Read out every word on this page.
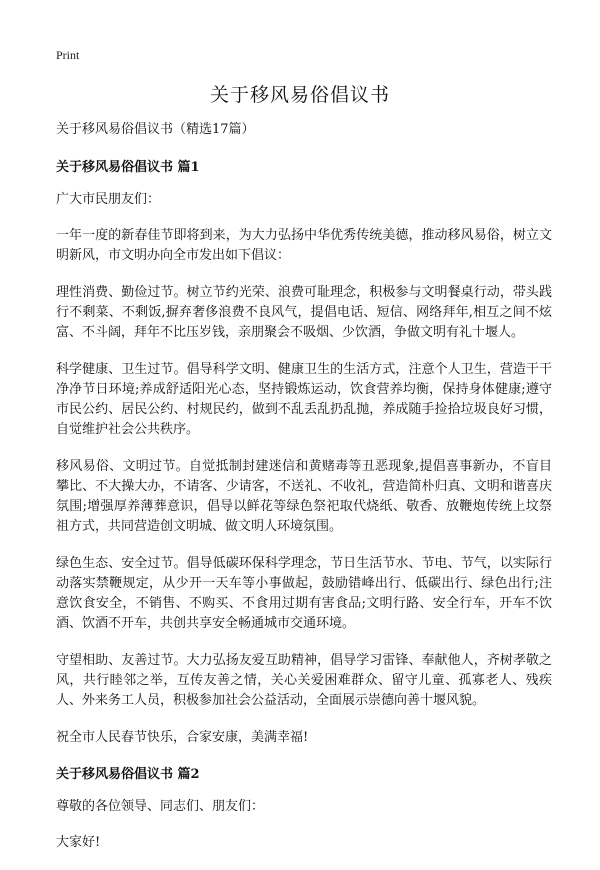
Print
关于移风易俗倡议书

关于移风易俗倡议书（精选17篇）

关于移风易俗倡议书 篇1

广大市民朋友们：

一年一度的新春佳节即将到来，为大力弘扬中华优秀传统美德，推动移风易俗，树立文明新风，市文明办向全市发出如下倡议：

理性消费、勤俭过节。树立节约光荣、浪费可耻理念，积极参与文明餐桌行动，带头践行不剩菜、不剩饭,摒弃奢侈浪费不良风气，提倡电话、短信、网络拜年,相互之间不炫富、不斗阔，拜年不比压岁钱，亲朋聚会不吸烟、少饮酒，争做文明有礼十堰人。

科学健康、卫生过节。倡导科学文明、健康卫生的生活方式，注意个人卫生，营造干干净净节日环境;养成舒适阳光心态，坚持锻炼运动，饮食营养均衡，保持身体健康;遵守市民公约、居民公约、村规民约，做到不乱丢乱扔乱抛，养成随手捡拾垃圾良好习惯，自觉维护社会公共秩序。

移风易俗、文明过节。自觉抵制封建迷信和黄赌毒等丑恶现象,提倡喜事新办，不盲目攀比、不大操大办，不请客、少请客，不送礼、不收礼，营造简朴归真、文明和谐喜庆氛围;增强厚养薄葬意识，倡导以鲜花等绿色祭祀取代烧纸、敬香、放鞭炮传统上坟祭祖方式，共同营造创文明城、做文明人环境氛围。

绿色生态、安全过节。倡导低碳环保科学理念，节日生活节水、节电、节气，以实际行动落实禁鞭规定，从少开一天车等小事做起，鼓励错峰出行、低碳出行、绿色出行;注意饮食安全，不销售、不购买、不食用过期有害食品;文明行路、安全行车，开车不饮酒、饮酒不开车，共创共享安全畅通城市交通环境。

守望相助、友善过节。大力弘扬友爱互助精神，倡导学习雷锋、奉献他人，齐树孝敬之风，共行睦邻之举，互传友善之情，关心关爱困难群众、留守儿童、孤寡老人、残疾人、外来务工人员，积极参加社会公益活动，全面展示崇德向善十堰风貌。

祝全市人民春节快乐，合家安康，美满幸福!

关于移风易俗倡议书 篇2

尊敬的各位领导、同志们、朋友们：

大家好!
